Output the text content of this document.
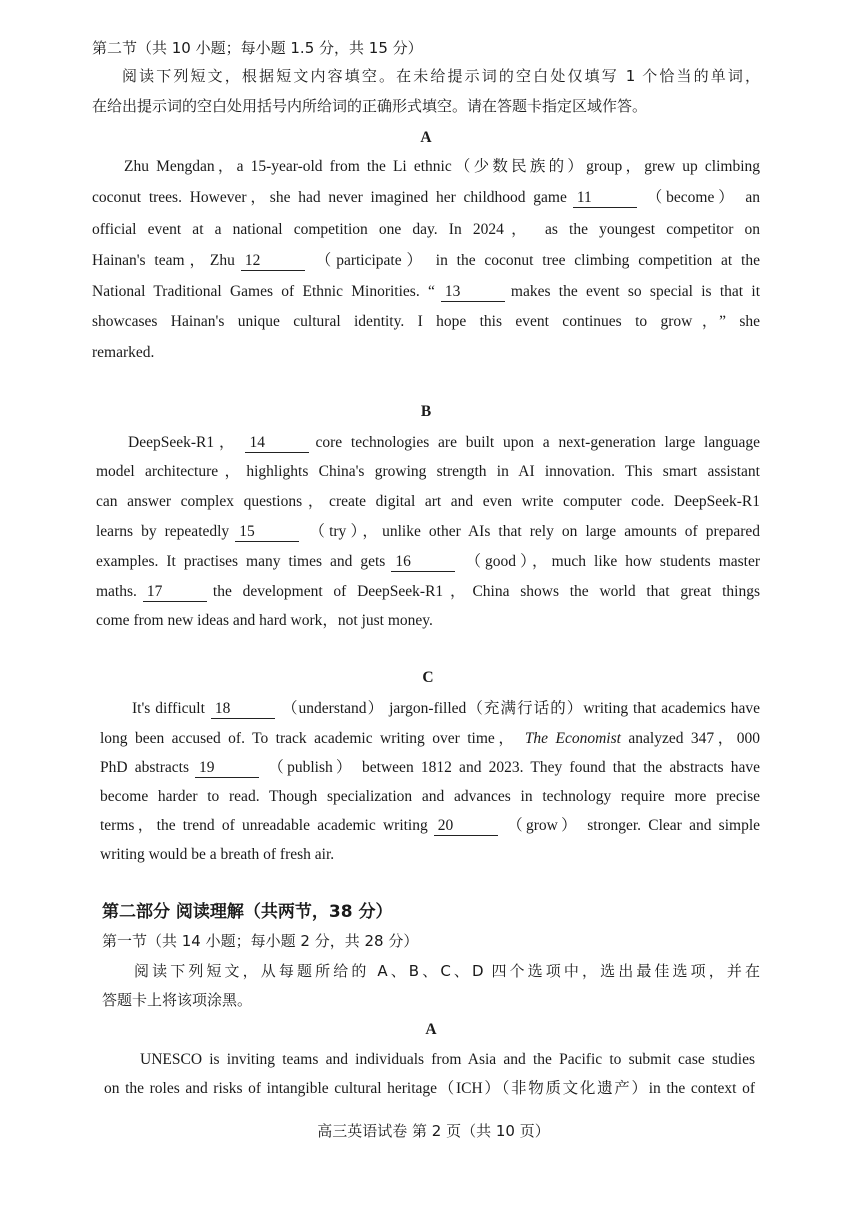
第二节（共 10 小题；每小题 1.5 分，共 15 分）
阅读下列短文，根据短文内容填空。在未给提示词的空白处仅填写 1 个恰当的单词，
在给出提示词的空白处用括号内所给词的正确形式填空。请在答题卡指定区域作答。
A
Zhu Mengdan，a 15-year-old from the Li ethnic（少数民族的）group，grew up climbing
coconut trees. However，she had never imagined her childhood game 11	（become） an
official event at a national competition one day. In 2024， as the youngest competitor on
Hainan's team，Zhu 12	（participate） in the coconut tree climbing competition at the
National Traditional Games of Ethnic Minorities. “ 13	makes the event so special is that it
showcases Hainan's unique cultural identity. I hope this event continues to grow，” she
remarked.
B
DeepSeek-R1， 14	core technologies are built upon a next-generation large language
model architecture，highlights China's growing strength in AI innovation. This smart assistant
can answer complex questions，create digital art and even write computer code. DeepSeek-R1
learns by repeatedly 15	（try），unlike other AIs that rely on large amounts of prepared
examples. It practises many times and gets 16	（good），much like how students master
maths. 17	the development of DeepSeek-R1，China shows the world that great things
come from new ideas and hard work，not just money.
C
It's difficult 18	（understand） jargon-filled（充满行话的）writing that academics have
long been accused of. To track academic writing over time， The Economist analyzed 347，000
PhD abstracts 19	（publish） between 1812 and 2023. They found that the abstracts have
become harder to read. Though specialization and advances in technology require more precise
terms，the trend of unreadable academic writing 20	（grow） stronger. Clear and simple
writing would be a breath of fresh air.
第二部分 阅读理解（共两节，38 分）
第一节（共 14 小题；每小题 2 分，共 28 分）
阅读下列短文，从每题所给的 A、B、C、D 四个选项中，选出最佳选项，并在
答题卡上将该项涂黑。
A
UNESCO is inviting teams and individuals from Asia and the Pacific to submit case studies
on the roles and risks of intangible cultural heritage（ICH）（非物质文化遗产）in the context of
高三英语试卷 第 2 页（共 10 页）
